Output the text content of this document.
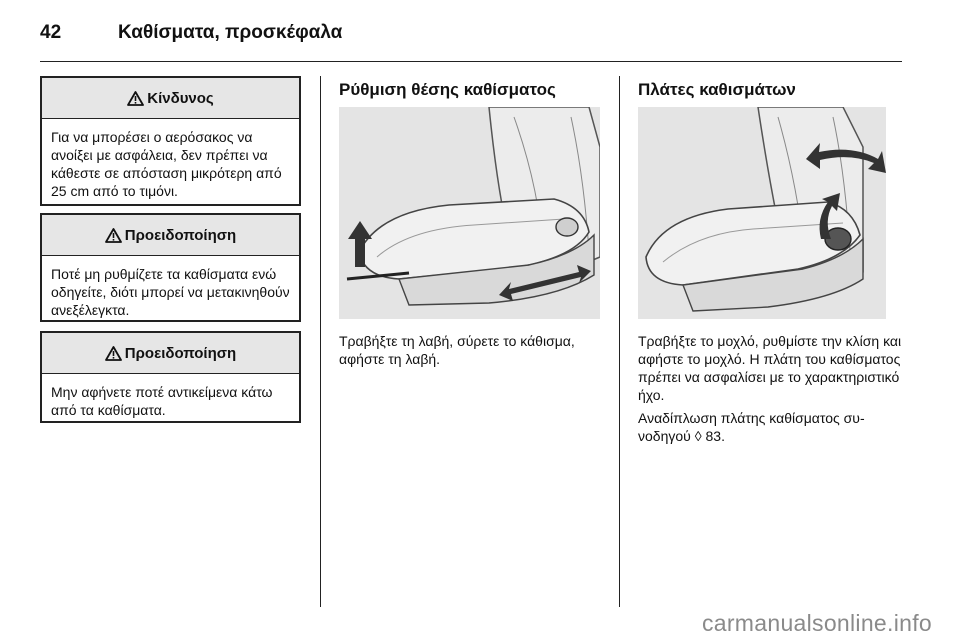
42	Καθίσματα, προσκέφαλα
Κίνδυνος
Για να μπορέσει ο αερόσακος να ανοίξει με ασφάλεια, δεν πρέπει να κάθεστε σε απόσταση μικρότερη από 25 cm από το τιμόνι.
Προειδοποίηση
Ποτέ μη ρυθμίζετε τα καθίσματα ενώ οδηγείτε, διότι μπορεί να μετακινηθούν ανεξέλεγκτα.
Προειδοποίηση
Μην αφήνετε ποτέ αντικείμενα κάτω από τα καθίσματα.
Ρύθμιση θέσης καθίσματος
Τραβήξτε τη λαβή, σύρετε το κάθισμα, αφήστε τη λαβή.
Πλάτες καθισμάτων
Τραβήξτε το μοχλό, ρυθμίστε την κλίση και αφήστε το μοχλό. Η πλάτη του καθίσματος πρέπει να ασφαλίσει με το χαρακτηριστικό ήχο.
Αναδίπλωση πλάτης καθίσματος συνοδηγού ◊ 83.
carmanualsonline.info
